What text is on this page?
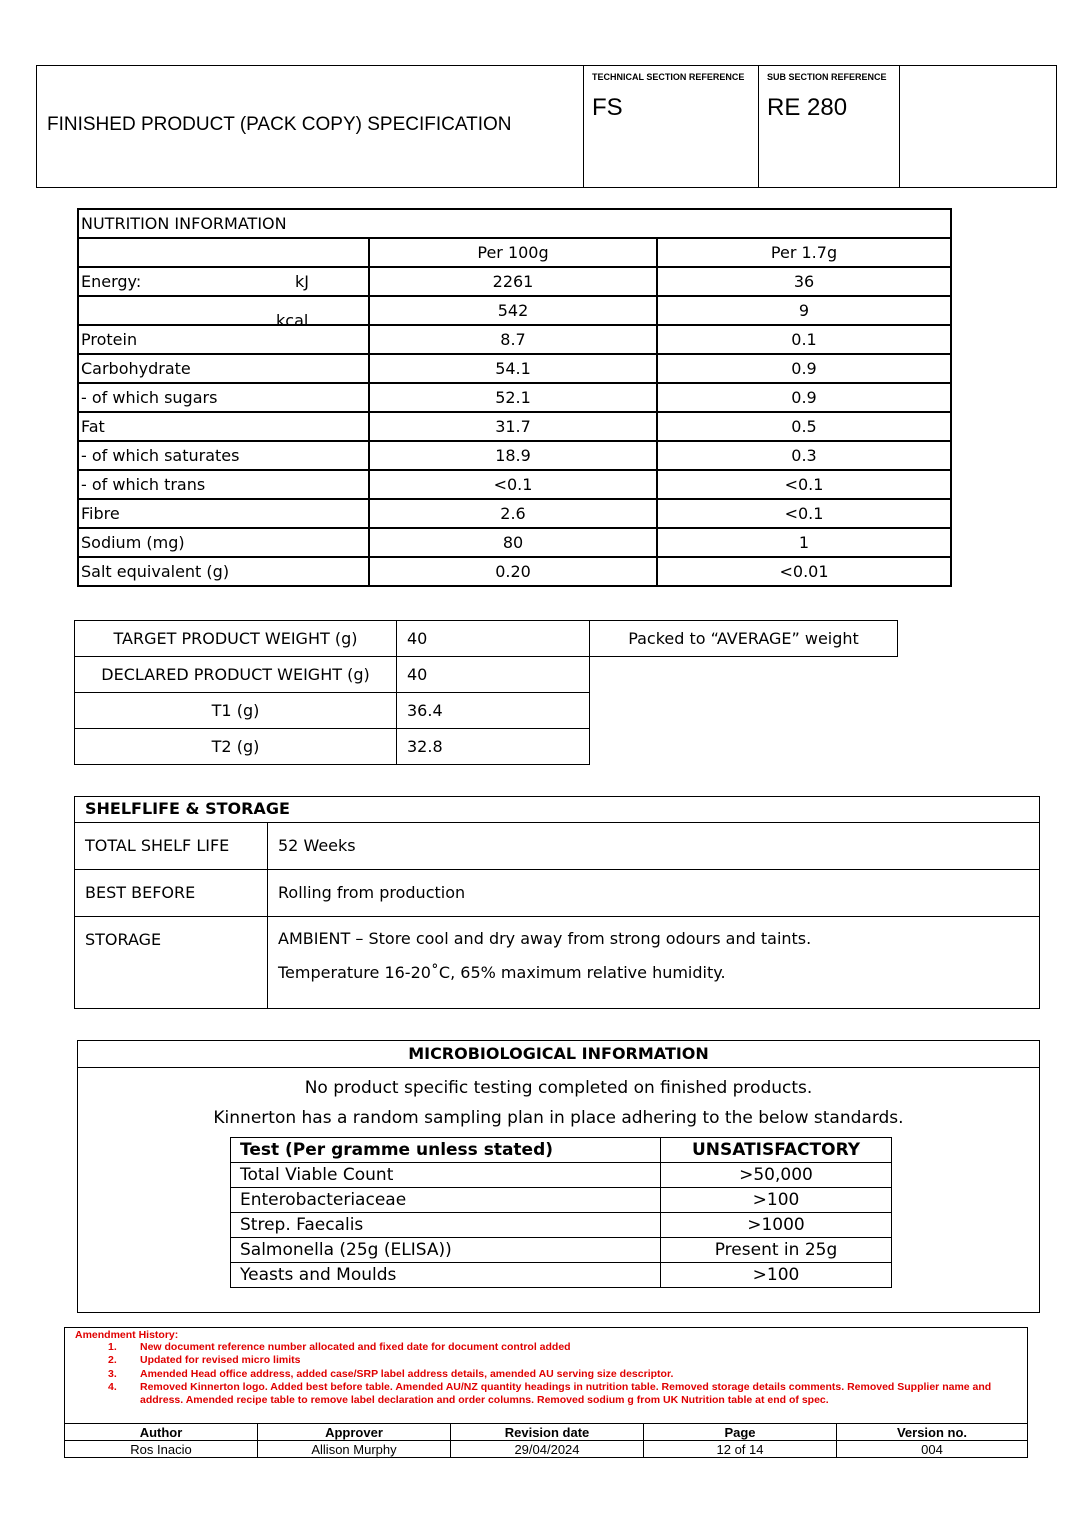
FINISHED PRODUCT (PACK COPY) SPECIFICATION	
TECHNICAL SECTION REFERENCE
FS

SUB SECTION REFERENCE
RE 280

NUTRITION INFORMATION		
	Per 100g	Per 1.7g
Energy: kJ	2261	36

kcal	542	9
Protein	8.7	0.1
Carbohydrate	54.1	0.9
- of which sugars	52.1	0.9
Fat	31.7	0.5
- of which saturates	18.9	0.3
- of which trans	<0.1	<0.1
Fibre	2.6	<0.1
Sodium (mg)	80	1
Salt equivalent (g)	0.20	<0.01
TARGET PRODUCT WEIGHT (g)	40	Packed to “AVERAGE” weight
DECLARED PRODUCT WEIGHT (g)	40	
T1 (g)	36.4	
T2 (g)	32.8	
SHELFLIFE & STORAGE	
TOTAL SHELF LIFE	52 Weeks
BEST BEFORE	Rolling from production
STORAGE	AMBIENT – Store cool and dry away from strong odours and taints.
Temperature 16-20˚C, 65% maximum relative humidity.
MICROBIOLOGICAL INFORMATION
No product specific testing completed on finished products.
Kinnerton has a random sampling plan in place adhering to the below standards.
Test (Per gramme unless stated)	UNSATISFACTORY
Total Viable Count	>50,000
Enterobacteriaceae	>100
Strep. Faecalis	>1000
Salmonella (25g (ELISA))	Present in 25g
Yeasts and Moulds	>100
Amendment History:
1. New document reference number allocated and fixed date for document control added
2. Updated for revised micro limits
3. Amended Head office address, added case/SRP label address details, amended AU serving size descriptor.
4. Removed Kinnerton logo. Added best before table. Amended AU/NZ quantity headings in nutrition table. Removed storage details comments. Removed Supplier name and address. Amended recipe table to remove label declaration and order columns. Removed sodium g from UK Nutrition table at end of spec.
Author	Approver	Revision date	Page	Version no.
Ros Inacio	Allison Murphy	29/04/2024	12 of 14	004
